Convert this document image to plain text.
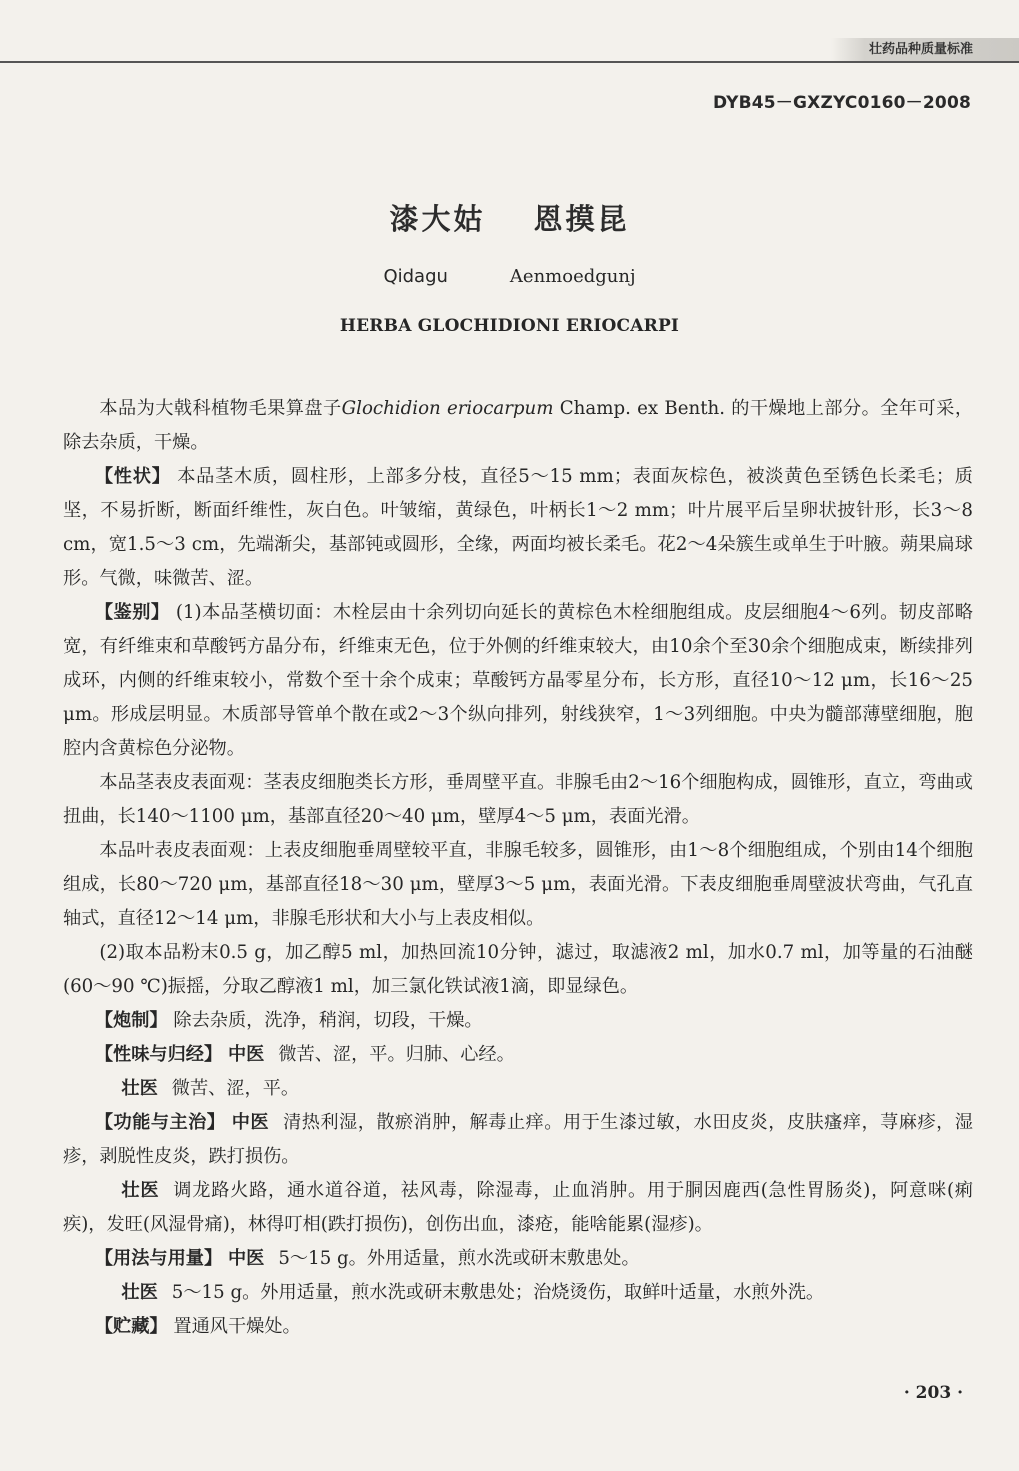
壮药品种质量标准
DYB45－GXZYC0160－2008
漆大姑 恩摸昆
Qidagu	Aenmoedgunj
HERBA GLOCHIDIONI ERIOCARPI

本品为大戟科植物毛果算盘子Glochidion eriocarpum Champ. ex Benth. 的干燥地上部分。全年可采，除去杂质，干燥。

【性状】 本品茎木质，圆柱形，上部多分枝，直径5～15 mm；表面灰棕色，被淡黄色至锈色长柔毛；质坚，不易折断，断面纤维性，灰白色。叶皱缩，黄绿色，叶柄长1～2 mm；叶片展平后呈卵状披针形，长3～8 cm，宽1.5～3 cm，先端渐尖，基部钝或圆形，全缘，两面均被长柔毛。花2～4朵簇生或单生于叶腋。蒴果扁球形。气微，味微苦、涩。

【鉴别】 (1)本品茎横切面：木栓层由十余列切向延长的黄棕色木栓细胞组成。皮层细胞4～6列。韧皮部略宽，有纤维束和草酸钙方晶分布，纤维束无色，位于外侧的纤维束较大，由10余个至30余个细胞成束，断续排列成环，内侧的纤维束较小，常数个至十余个成束；草酸钙方晶零星分布，长方形，直径10～12 μm，长16～25 μm。形成层明显。木质部导管单个散在或2～3个纵向排列，射线狭窄，1～3列细胞。中央为髓部薄壁细胞，胞腔内含黄棕色分泌物。

本品茎表皮表面观：茎表皮细胞类长方形，垂周壁平直。非腺毛由2～16个细胞构成，圆锥形，直立，弯曲或扭曲，长140～1100 μm，基部直径20～40 μm，壁厚4～5 μm，表面光滑。

本品叶表皮表面观：上表皮细胞垂周壁较平直，非腺毛较多，圆锥形，由1～8个细胞组成，个别由14个细胞组成，长80～720 μm，基部直径18～30 μm，壁厚3～5 μm，表面光滑。下表皮细胞垂周壁波状弯曲，气孔直轴式，直径12～14 μm，非腺毛形状和大小与上表皮相似。

(2)取本品粉末0.5 g，加乙醇5 ml，加热回流10分钟，滤过，取滤液2 ml，加水0.7 ml，加等量的石油醚(60～90 ℃)振摇，分取乙醇液1 ml，加三氯化铁试液1滴，即显绿色。

【炮制】 除去杂质，洗净，稍润，切段，干燥。

【性味与归经】 中医 微苦、涩，平。归肺、心经。

壮医 微苦、涩，平。

【功能与主治】 中医 清热利湿，散瘀消肿，解毒止痒。用于生漆过敏，水田皮炎，皮肤瘙痒，荨麻疹，湿疹，剥脱性皮炎，跌打损伤。

壮医 调龙路火路，通水道谷道，祛风毒，除湿毒，止血消肿。用于胴因鹿西(急性胃肠炎)，阿意咪(痢疾)，发旺(风湿骨痛)，林得叮相(跌打损伤)，创伤出血，漆疮，能啥能累(湿疹)。

【用法与用量】 中医 5～15 g。外用适量，煎水洗或研末敷患处。

壮医 5～15 g。外用适量，煎水洗或研末敷患处；治烧烫伤，取鲜叶适量，水煎外洗。

【贮藏】 置通风干燥处。

· 203 ·
